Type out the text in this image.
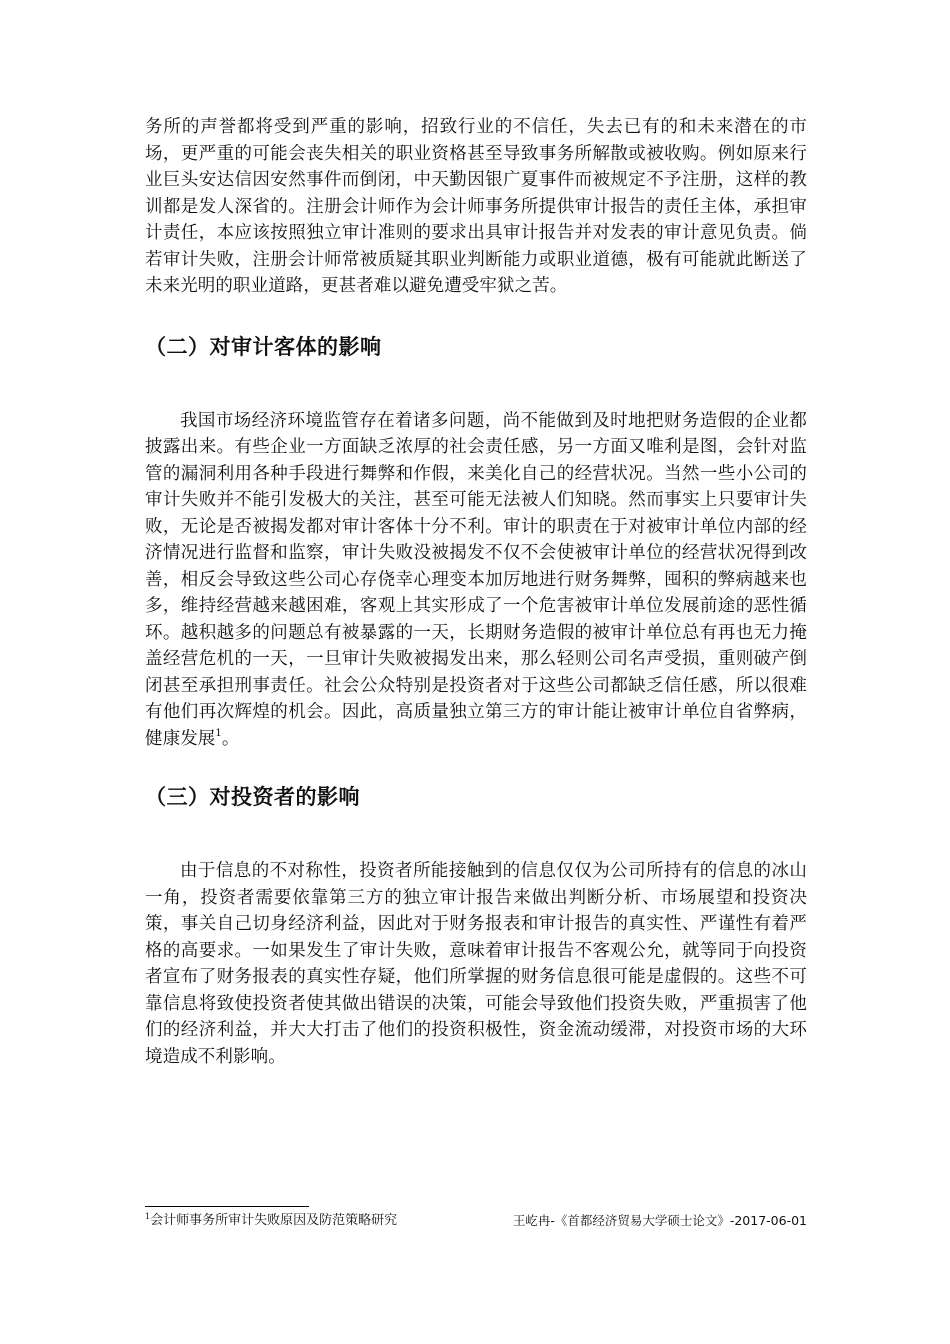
务所的声誉都将受到严重的影响，招致行业的不信任，失去已有的和未来潜在的市场，更严重的可能会丧失相关的职业资格甚至导致事务所解散或被收购。例如原来行业巨头安达信因安然事件而倒闭，中天勤因银广夏事件而被规定不予注册，这样的教训都是发人深省的。注册会计师作为会计师事务所提供审计报告的责任主体，承担审计责任，本应该按照独立审计准则的要求出具审计报告并对发表的审计意见负责。倘若审计失败，注册会计师常被质疑其职业判断能力或职业道德，极有可能就此断送了未来光明的职业道路，更甚者难以避免遭受牢狱之苦。

（二）对审计客体的影响

我国市场经济环境监管存在着诸多问题，尚不能做到及时地把财务造假的企业都披露出来。有些企业一方面缺乏浓厚的社会责任感，另一方面又唯利是图，会针对监管的漏洞利用各种手段进行舞弊和作假，来美化自己的经营状况。当然一些小公司的审计失败并不能引发极大的关注，甚至可能无法被人们知晓。然而事实上只要审计失败，无论是否被揭发都对审计客体十分不利。审计的职责在于对被审计单位内部的经济情况进行监督和监察，审计失败没被揭发不仅不会使被审计单位的经营状况得到改善，相反会导致这些公司心存侥幸心理变本加厉地进行财务舞弊，囤积的弊病越来也多，维持经营越来越困难，客观上其实形成了一个危害被审计单位发展前途的恶性循环。越积越多的问题总有被暴露的一天，长期财务造假的被审计单位总有再也无力掩盖经营危机的一天，一旦审计失败被揭发出来，那么轻则公司名声受损，重则破产倒闭甚至承担刑事责任。社会公众特别是投资者对于这些公司都缺乏信任感，所以很难有他们再次辉煌的机会。因此，高质量独立第三方的审计能让被审计单位自省弊病，健康发展$^1$。

（三）对投资者的影响

由于信息的不对称性，投资者所能接触到的信息仅仅为公司所持有的信息的冰山一角，投资者需要依靠第三方的独立审计报告来做出判断分析、市场展望和投资决策，事关自己切身经济利益，因此对于财务报表和审计报告的真实性、严谨性有着严格的高要求。一如果发生了审计失败，意味着审计报告不客观公允，就等同于向投资者宣布了财务报表的真实性存疑，他们所掌握的财务信息很可能是虚假的。这些不可靠信息将致使投资者使其做出错误的决策，可能会导致他们投资失败，严重损害了他们的经济利益，并大大打击了他们的投资积极性，资金流动缓滞，对投资市场的大环境造成不利影响。

$^1$会计师事务所审计失败原因及防范策略研究	王屹冉-《首都经济贸易大学硕士论文》-2017-06-01
